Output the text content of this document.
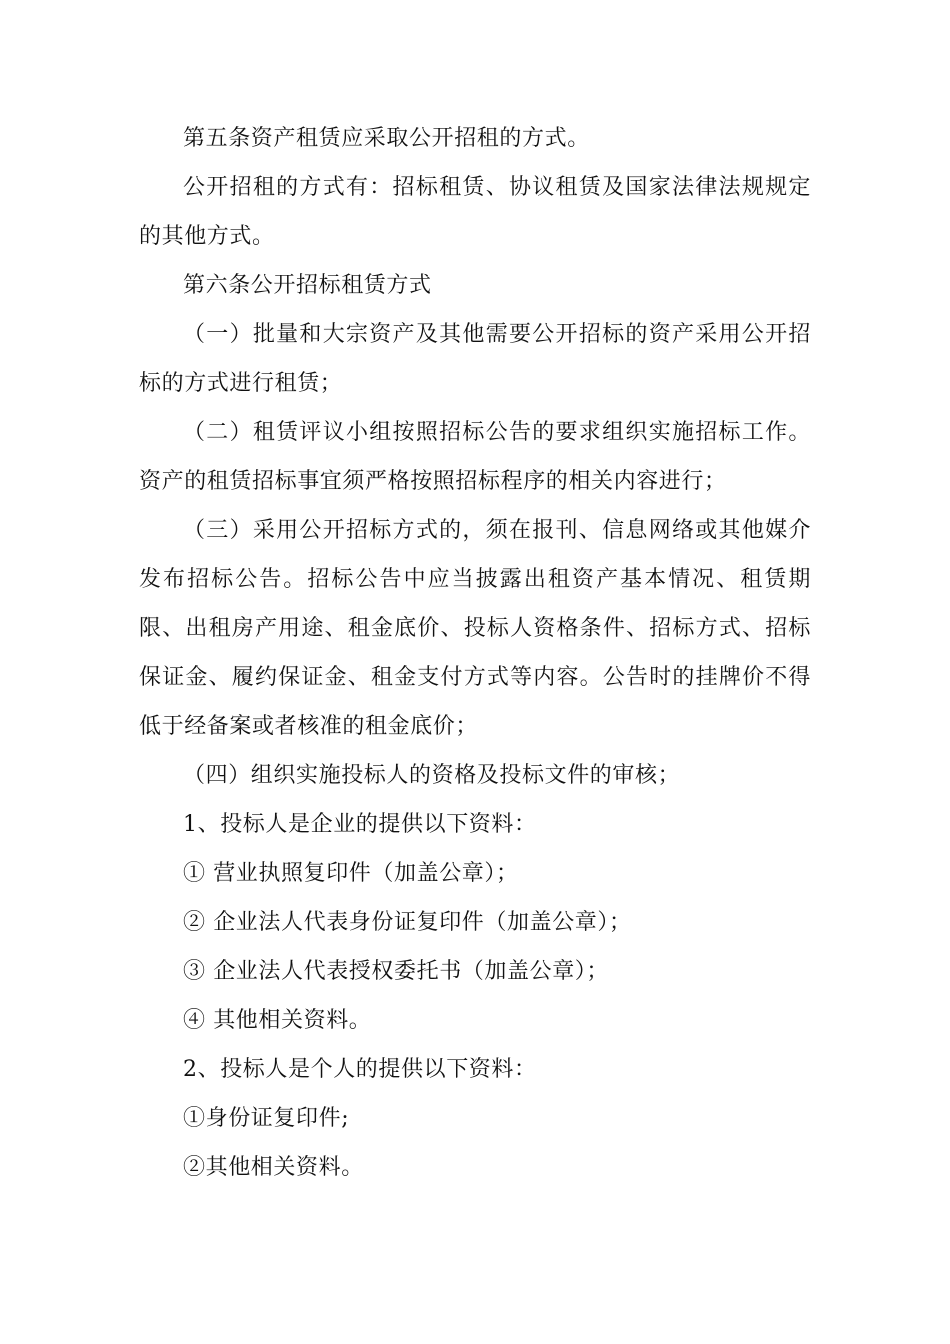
第五条资产租赁应采取公开招租的方式。

公开招租的方式有：招标租赁、协议租赁及国家法律法规规定的其他方式。

第六条公开招标租赁方式

（一）批量和大宗资产及其他需要公开招标的资产采用公开招标的方式进行租赁；

（二）租赁评议小组按照招标公告的要求组织实施招标工作。资产的租赁招标事宜须严格按照招标程序的相关内容进行；

（三）采用公开招标方式的，须在报刊、信息网络或其他媒介发布招标公告。招标公告中应当披露出租资产基本情况、租赁期限、出租房产用途、租金底价、投标人资格条件、招标方式、招标保证金、履约保证金、租金支付方式等内容。公告时的挂牌价不得低于经备案或者核准的租金底价；

（四）组织实施投标人的资格及投标文件的审核；

1、投标人是企业的提供以下资料：

① 营业执照复印件（加盖公章）；

② 企业法人代表身份证复印件（加盖公章）；

③ 企业法人代表授权委托书（加盖公章）；

④ 其他相关资料。

2、投标人是个人的提供以下资料：

①身份证复印件;

②其他相关资料。
